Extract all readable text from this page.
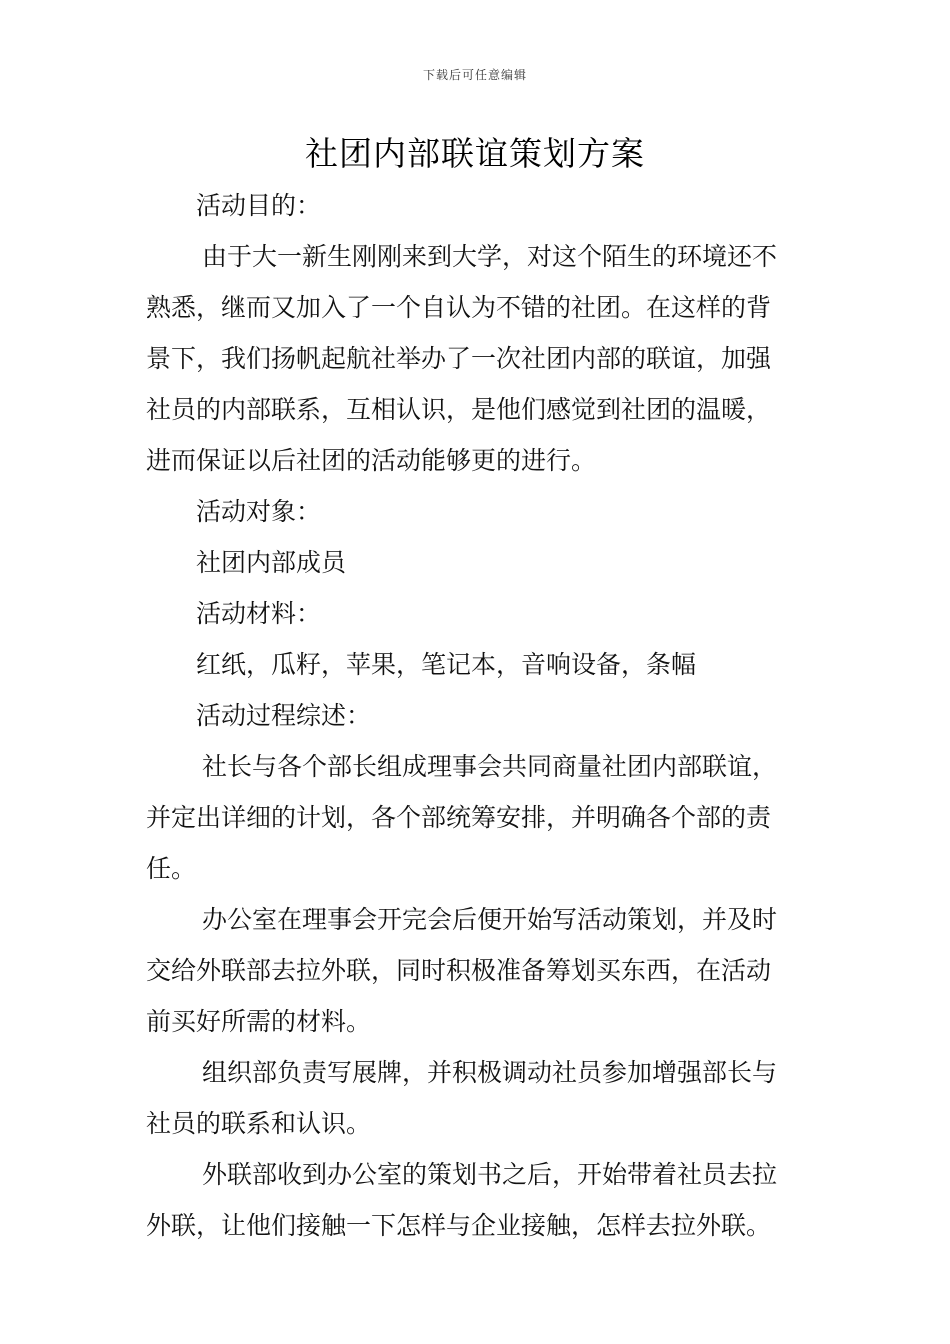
下载后可任意编辑
社团内部联谊策划方案
活动目的：
由于大一新生刚刚来到大学，对这个陌生的环境还不
熟悉，继而又加入了一个自认为不错的社团。在这样的背
景下，我们扬帆起航社举办了一次社团内部的联谊，加强
社员的内部联系，互相认识，是他们感觉到社团的温暖，
进而保证以后社团的活动能够更的进行。
活动对象：
社团内部成员
活动材料：
红纸，瓜籽，苹果，笔记本，音响设备，条幅
活动过程综述：
社长与各个部长组成理事会共同商量社团内部联谊，
并定出详细的计划，各个部统筹安排，并明确各个部的责
任。
办公室在理事会开完会后便开始写活动策划，并及时
交给外联部去拉外联，同时积极准备筹划买东西，在活动
前买好所需的材料。
组织部负责写展牌，并积极调动社员参加增强部长与
社员的联系和认识。
外联部收到办公室的策划书之后，开始带着社员去拉
外联，让他们接触一下怎样与企业接触，怎样去拉外联。
